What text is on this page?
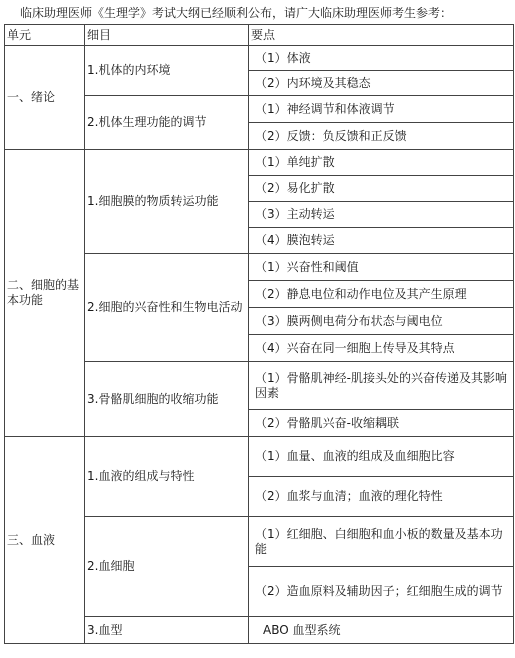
临床助理医师《生理学》考试大纲已经顺利公布，请广大临床助理医师考生参考：
单元	细目	要点
一、绪论	1.机体的内环境	（1）体液
		（2）内环境及其稳态
	2.机体生理功能的调节	（1）神经调节和体液调节
		（2）反馈：负反馈和正反馈
二、细胞的基本功能	1.细胞膜的物质转运功能	（1）单纯扩散
		（2）易化扩散
		（3）主动转运
		（4）膜泡转运
	2.细胞的兴奋性和生物电活动	（1）兴奋性和阈值
		（2）静息电位和动作电位及其产生原理
		（3）膜两侧电荷分布状态与阈电位
		（4）兴奋在同一细胞上传导及其特点
	3.骨骼肌细胞的收缩功能	（1）骨骼肌神经-肌接头处的兴奋传递及其影响因素
		（2）骨骼肌兴奋-收缩耦联
三、血液	1.血液的组成与特性	（1）血量、血液的组成及血细胞比容
		（2）血浆与血清；血液的理化特性
	2.血细胞	（1）红细胞、白细胞和血小板的数量及基本功能
		（2）造血原料及辅助因子；红细胞生成的调节
	3.血型	ABO 血型系统
